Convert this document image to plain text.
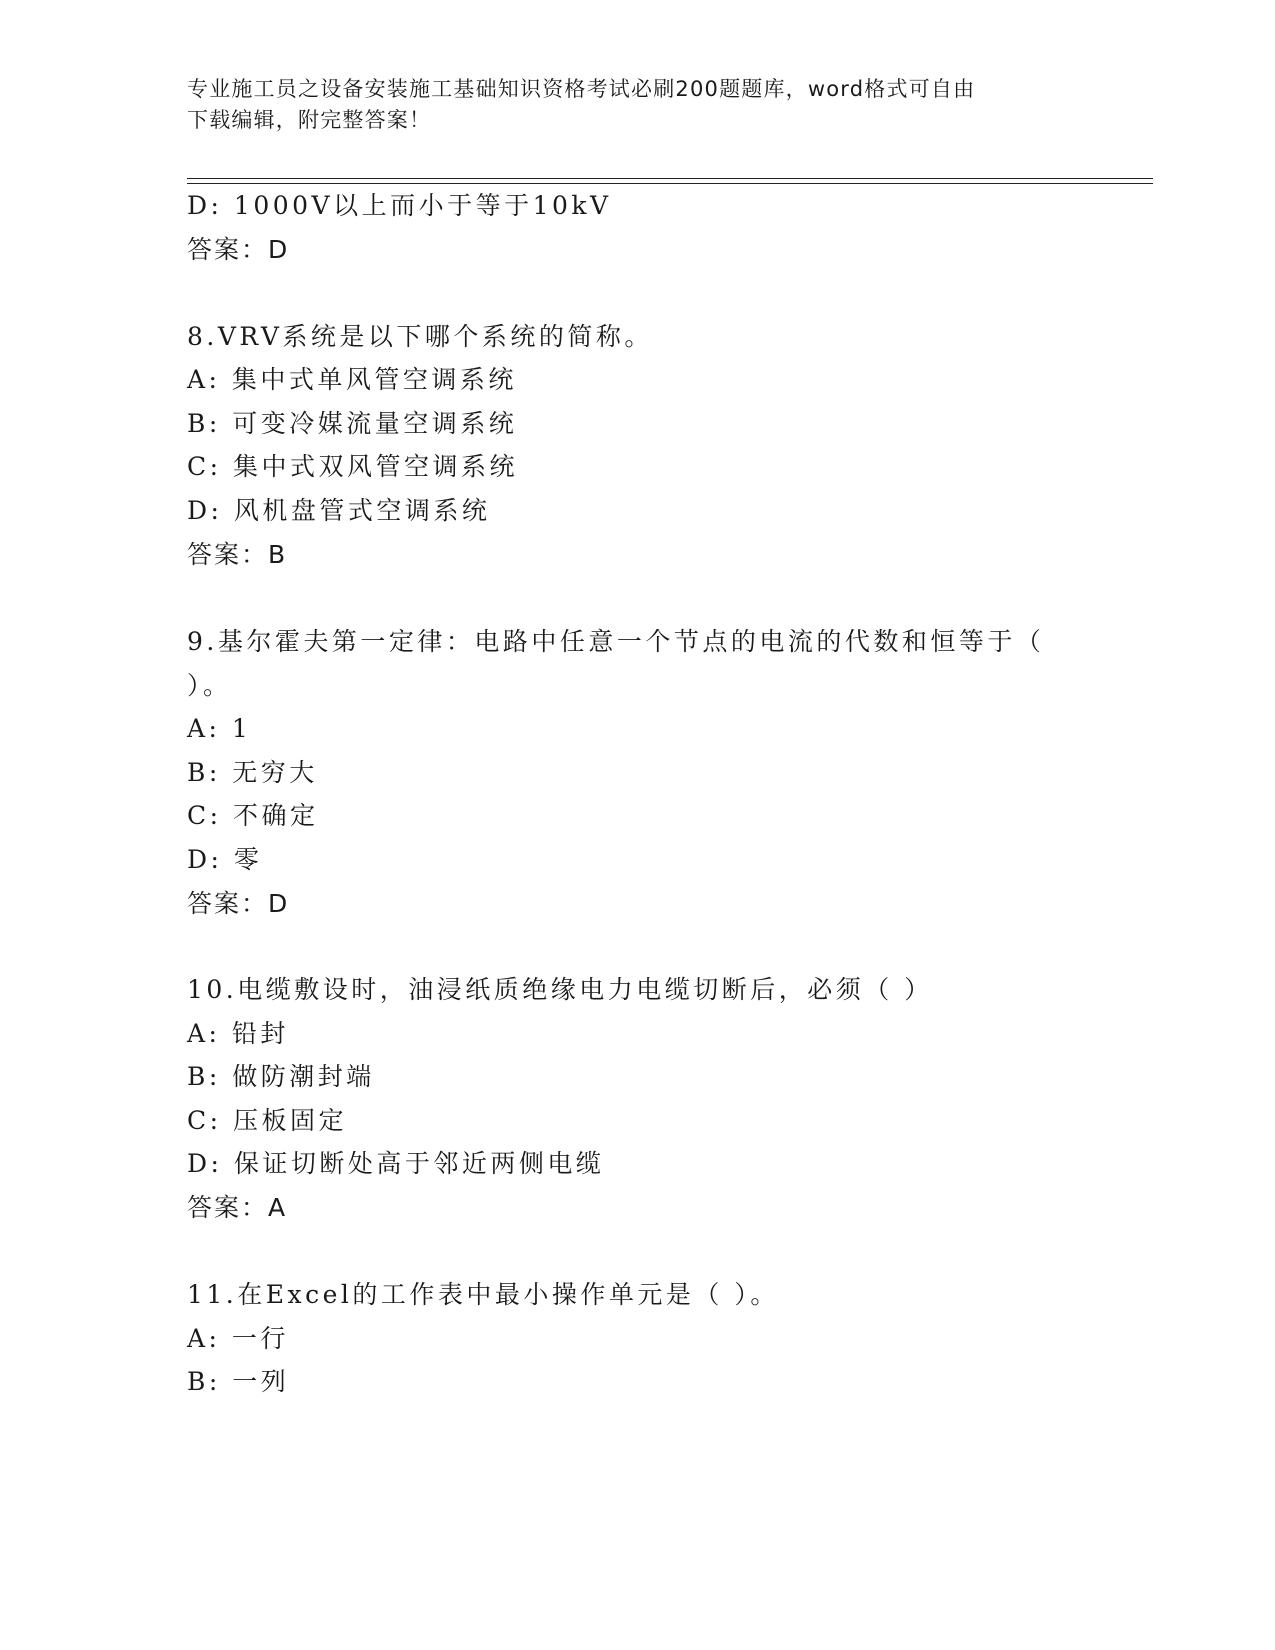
专业施工员之设备安装施工基础知识资格考试必刷200题题库，word格式可自由
下载编辑，附完整答案！
D: 1000V以上而小于等于10kV
答案：D
8.VRV系统是以下哪个系统的简称。
A: 集中式单风管空调系统
B: 可变冷媒流量空调系统
C: 集中式双风管空调系统
D: 风机盘管式空调系统
答案：B
9.基尔霍夫第一定律：电路中任意一个节点的电流的代数和恒等于（
）。
A: 1
B: 无穷大
C: 不确定
D: 零
答案：D
10.电缆敷设时，油浸纸质绝缘电力电缆切断后，必须（ ）
A: 铅封
B: 做防潮封端
C: 压板固定
D: 保证切断处高于邻近两侧电缆
答案：A
11.在Excel的工作表中最小操作单元是（ ）。
A: 一行
B: 一列
